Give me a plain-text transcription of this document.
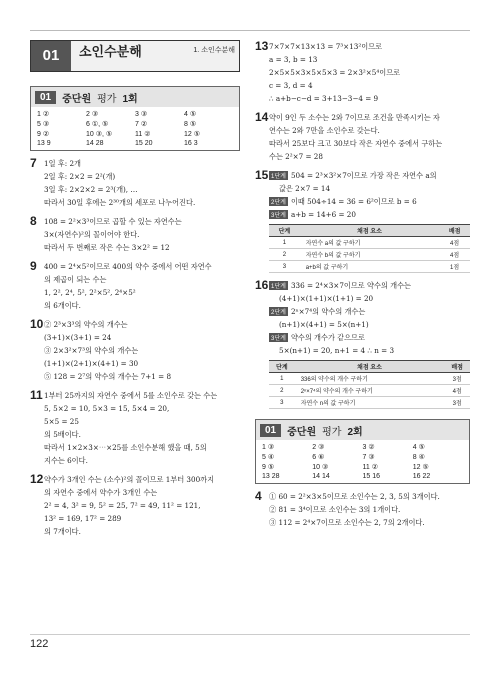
01	소인수분해	1. 소인수분해
01	중단원 평가 1회
1 ②	2 ③	3 ③	4 ⑤
5 ③	6 ①, ⑤	7 ②	8 ⑤
9 ②	10 ③, ⑤	11 ②	12 ⑤
13 9	14 28	15 20	16 3
7 1일 후: 2개
2일 후: 2×2 = 2²(개)
3일 후: 2×2×2 = 2³(개), …
따라서 30일 후에는 2³⁰개의 세포로 나누어진다.
8 108 = 2²×3³이므로 곱할 수 있는 자연수는
3×(자연수)²의 꼴이어야 한다.
따라서 두 번째로 작은 수는 3×2² = 12
9 400 = 2⁴×5²이므로 400의 약수 중에서 어떤 자연수
의 제곱이 되는 수는
1, 2², 2⁴, 5², 2²×5², 2⁴×5²
의 6개이다.
10 ② 2³×3³의 약수의 개수는
(3+1)×(3+1) = 24
③ 2×3²×7³의 약수의 개수는
(1+1)×(2+1)×(4+1) = 30
⑤ 128 = 2⁷의 약수의 개수는 7+1 = 8
11 1부터 25까지의 자연수 중에서 5를 소인수로 갖는 수는
5, 5×2 = 10, 5×3 = 15, 5×4 = 20,
5×5 = 25
의 5배이다.
따라서 1×2×3×⋯×25를 소인수분해 했을 때, 5의
지수는 6이다.
12 약수가 3개인 수는 (소수)²의 꼴이므로 1부터 300까지
의 자연수 중에서 약수가 3개인 수는
2² = 4, 3² = 9, 5² = 25, 7² = 49, 11² = 121,
13² = 169, 17² = 289
의 7개이다.
13 7×7×7×13×13 = 7³×13²이므로
a = 3, b = 13
2×5×5×3×5×5×3 = 2×3²×5⁴이므로
c = 3, d = 4
∴ a+b−c−d = 3+13−3−4 = 9
14 약이 9인 두 소수는 2와 7이므로 조건을 만족시키는 자
연수는 2와 7만을 소인수로 갖는다.
따라서 25보다 크고 30보다 작은 자연수 중에서 구하는
수는 2²×7 = 28
15 1단계 504 = 2³×3²×7이므로 가장 작은 자연수 a의
값은 2×7 = 14
2단계 이때 504÷14 = 36 = 6²이므로 b = 6
3단계 a+b = 14+6 = 20
단계	채점 요소	배점
1	자연수 a의 값 구하기	4점
2	자연수 b의 값 구하기	4점
3	a+b의 값 구하기	1점
16 1단계 336 = 2⁴×3×7이므로 약수의 개수는
(4+1)×(1+1)×(1+1) = 20
2단계 2ⁿ×7⁴의 약수의 개수는
(n+1)×(4+1) = 5×(n+1)
3단계 약수의 개수가 같으므로
5×(n+1) = 20, n+1 = 4 ∴ n = 3
단계	채점 요소	배점
1	336의 약수의 개수 구하기	3점
2	2ⁿ×7⁴의 약수의 개수 구하기	4점
3	자연수 n의 값 구하기	3점
01	중단원 평가 2회
1 ③	2 ③	3 ②	4 ⑤
5 ④	6 ⑥	7 ③	8 ④
9 ⑤	10 ③	11 ②	12 ⑤
13 28	14 14	15 16	16 22
4 ① 60 = 2²×3×5이므로 소인수는 2, 3, 5의 3개이다.
② 81 = 3⁴이므로 소인수는 3의 1개이다.
③ 112 = 2⁴×7이므로 소인수는 2, 7의 2개이다.
122
